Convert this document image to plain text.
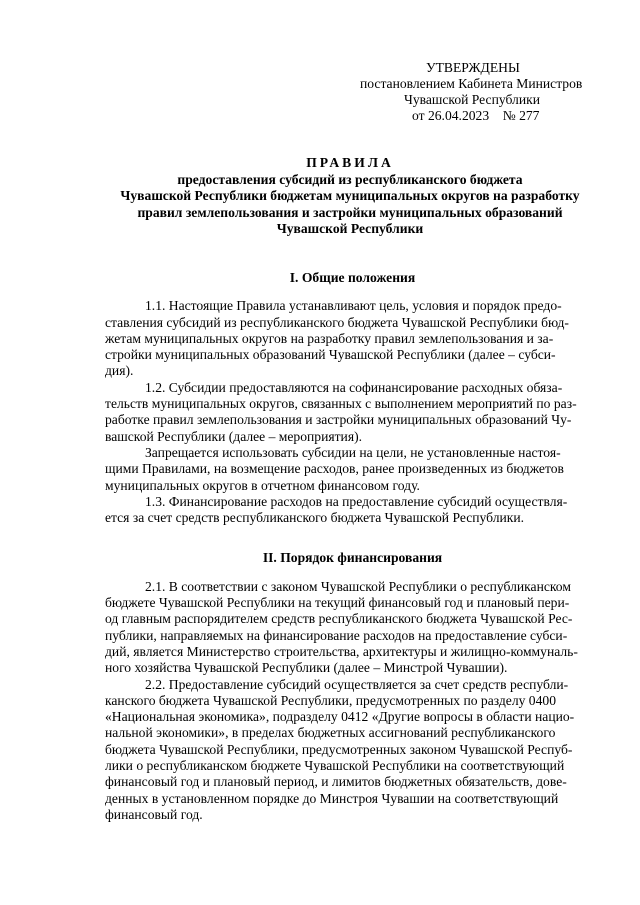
УТВЕРЖДЕНЫ
постановлением Кабинета Министров
Чувашской Республики
от 26.04.2023    № 277
ПРАВИЛА
предоставления субсидий из республиканского бюджета
Чувашской Республики бюджетам муниципальных округов на разработку
правил землепользования и застройки муниципальных образований
Чувашской Республики

I. Общие положения

1.1. Настоящие Правила устанавливают цель, условия и порядок предо-
ставления субсидий из республиканского бюджета Чувашской Республики бюд-
жетам муниципальных округов на разработку правил землепользования и за-
стройки муниципальных образований Чувашской Республики (далее – субси-
дия).

1.2. Субсидии предоставляются на софинансирование расходных обяза-
тельств муниципальных округов, связанных с выполнением мероприятий по раз-
работке правил землепользования и застройки муниципальных образований Чу-
вашской Республики (далее – мероприятия).

Запрещается использовать субсидии на цели, не установленные настоя-
щими Правилами, на возмещение расходов, ранее произведенных из бюджетов
муниципальных округов в отчетном финансовом году.

1.3. Финансирование расходов на предоставление субсидий осуществля-
ется за счет средств республиканского бюджета Чувашской Республики.

II. Порядок финансирования

2.1. В соответствии с законом Чувашской Республики о республиканском
бюджете Чувашской Республики на текущий финансовый год и плановый пери-
од главным распорядителем средств республиканского бюджета Чувашской Рес-
публики, направляемых на финансирование расходов на предоставление субси-
дий, является Министерство строительства, архитектуры и жилищно-коммуналь-
ного хозяйства Чувашской Республики (далее – Минстрой Чувашии).

2.2. Предоставление субсидий осуществляется за счет средств республи-
канского бюджета Чувашской Республики, предусмотренных по разделу 0400
«Национальная экономика», подразделу 0412 «Другие вопросы в области нацио-
нальной экономики», в пределах бюджетных ассигнований республиканского
бюджета Чувашской Республики, предусмотренных законом Чувашской Респуб-
лики о республиканском бюджете Чувашской Республики на соответствующий
финансовый год и плановый период, и лимитов бюджетных обязательств, дове-
денных в установленном порядке до Минстроя Чувашии на соответствующий
финансовый год.
